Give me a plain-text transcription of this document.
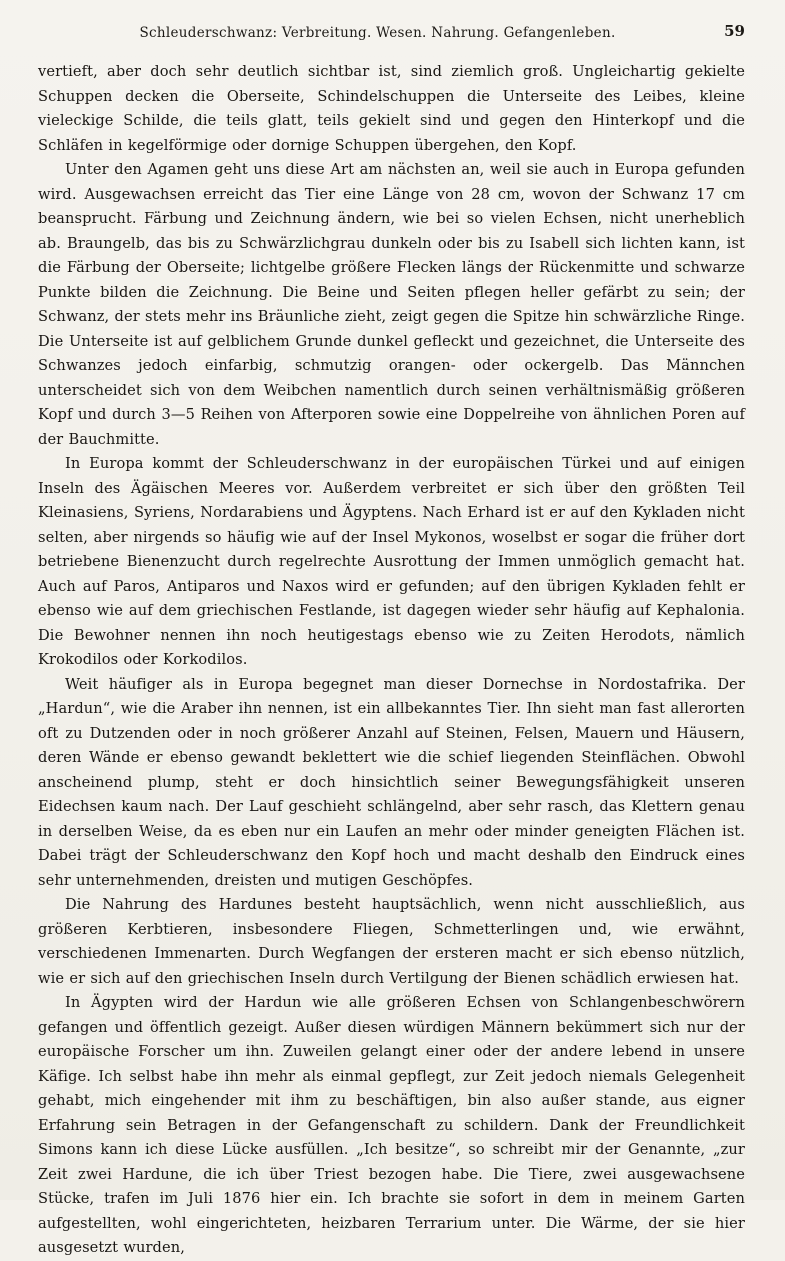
Schleuderschwanz: Verbreitung. Wesen. Nahrung. Gefangenleben.	59

vertieft, aber doch sehr deutlich sichtbar ist, sind ziemlich groß. Ungleichartig gekielte Schuppen decken die Oberseite, Schindelschuppen die Unterseite des Leibes, kleine vieleckige Schilde, die teils glatt, teils gekielt sind und gegen den Hinterkopf und die Schläfen in kegelförmige oder dornige Schuppen übergehen, den Kopf.

Unter den Agamen geht uns diese Art am nächsten an, weil sie auch in Europa gefunden wird. Ausgewachsen erreicht das Tier eine Länge von 28 cm, wovon der Schwanz 17 cm beansprucht. Färbung und Zeichnung ändern, wie bei so vielen Echsen, nicht unerheblich ab. Braungelb, das bis zu Schwärzlichgrau dunkeln oder bis zu Isabell sich lichten kann, ist die Färbung der Oberseite; lichtgelbe größere Flecken längs der Rückenmitte und schwarze Punkte bilden die Zeichnung. Die Beine und Seiten pflegen heller gefärbt zu sein; der Schwanz, der stets mehr ins Bräunliche zieht, zeigt gegen die Spitze hin schwärzliche Ringe. Die Unterseite ist auf gelblichem Grunde dunkel gefleckt und gezeichnet, die Unterseite des Schwanzes jedoch einfarbig, schmutzig orangen- oder ockergelb. Das Männchen unterscheidet sich von dem Weibchen namentlich durch seinen verhältnismäßig größeren Kopf und durch 3—5 Reihen von Afterporen sowie eine Doppelreihe von ähnlichen Poren auf der Bauchmitte.

In Europa kommt der Schleuderschwanz in der europäischen Türkei und auf einigen Inseln des Ägäischen Meeres vor. Außerdem verbreitet er sich über den größten Teil Kleinasiens, Syriens, Nordarabiens und Ägyptens. Nach Erhard ist er auf den Kykladen nicht selten, aber nirgends so häufig wie auf der Insel Mykonos, woselbst er sogar die früher dort betriebene Bienenzucht durch regelrechte Ausrottung der Immen unmöglich gemacht hat. Auch auf Paros, Antiparos und Naxos wird er gefunden; auf den übrigen Kykladen fehlt er ebenso wie auf dem griechischen Festlande, ist dagegen wieder sehr häufig auf Kephalonia. Die Bewohner nennen ihn noch heutigestags ebenso wie zu Zeiten Herodots, nämlich Krokodilos oder Korkodilos.

Weit häufiger als in Europa begegnet man dieser Dornechse in Nordostafrika. Der „Hardun“, wie die Araber ihn nennen, ist ein allbekanntes Tier. Ihn sieht man fast allerorten oft zu Dutzenden oder in noch größerer Anzahl auf Steinen, Felsen, Mauern und Häusern, deren Wände er ebenso gewandt beklettert wie die schief liegenden Steinflächen. Obwohl anscheinend plump, steht er doch hinsichtlich seiner Bewegungsfähigkeit unseren Eidechsen kaum nach. Der Lauf geschieht schlängelnd, aber sehr rasch, das Klettern genau in derselben Weise, da es eben nur ein Laufen an mehr oder minder geneigten Flächen ist. Dabei trägt der Schleuderschwanz den Kopf hoch und macht deshalb den Eindruck eines sehr unternehmenden, dreisten und mutigen Geschöpfes.

Die Nahrung des Hardunes besteht hauptsächlich, wenn nicht ausschließlich, aus größeren Kerbtieren, insbesondere Fliegen, Schmetterlingen und, wie erwähnt, verschiedenen Immenarten. Durch Wegfangen der ersteren macht er sich ebenso nützlich, wie er sich auf den griechischen Inseln durch Vertilgung der Bienen schädlich erwiesen hat.

In Ägypten wird der Hardun wie alle größeren Echsen von Schlangenbeschwörern gefangen und öffentlich gezeigt. Außer diesen würdigen Männern bekümmert sich nur der europäische Forscher um ihn. Zuweilen gelangt einer oder der andere lebend in unsere Käfige. Ich selbst habe ihn mehr als einmal gepflegt, zur Zeit jedoch niemals Gelegenheit gehabt, mich eingehender mit ihm zu beschäftigen, bin also außer stande, aus eigner Erfahrung sein Betragen in der Gefangenschaft zu schildern. Dank der Freundlichkeit Simons kann ich diese Lücke ausfüllen. „Ich besitze“, so schreibt mir der Genannte, „zur Zeit zwei Hardune, die ich über Triest bezogen habe. Die Tiere, zwei ausgewachsene Stücke, trafen im Juli 1876 hier ein. Ich brachte sie sofort in dem in meinem Garten aufgestellten, wohl eingerichteten, heizbaren Terrarium unter. Die Wärme, der sie hier ausgesetzt wurden,
